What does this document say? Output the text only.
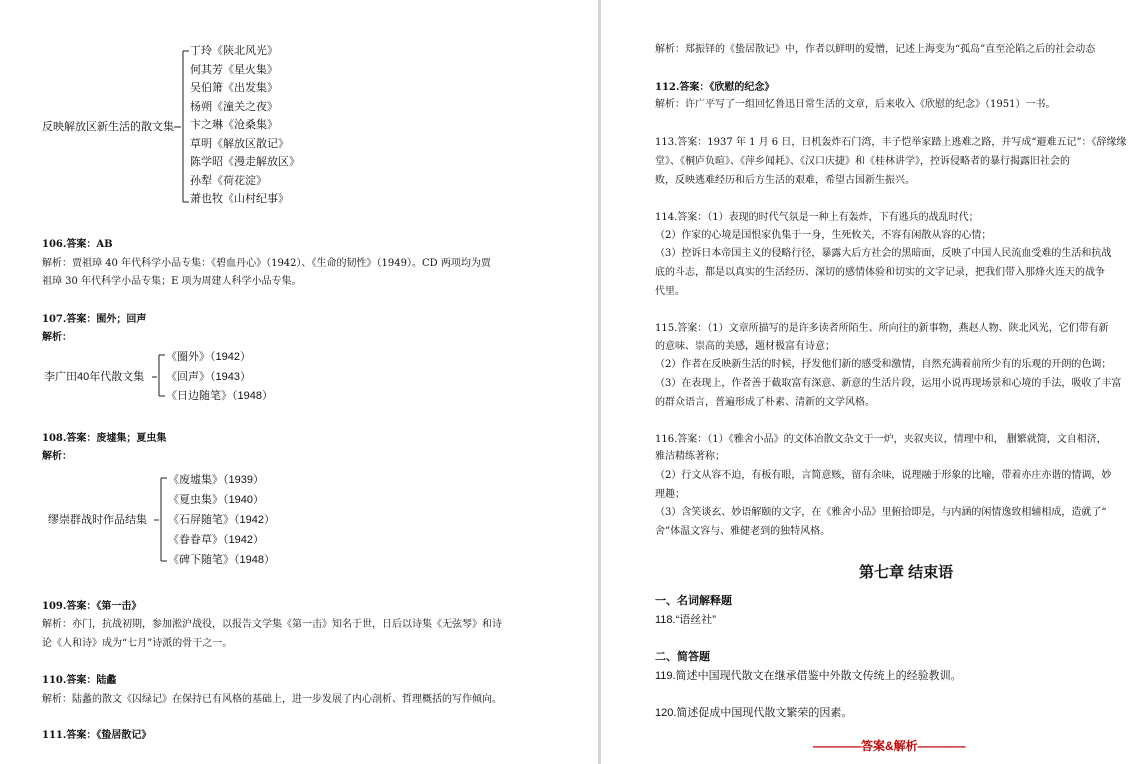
反映解放区新生活的散文集
丁玲《陕北风光》
何其芳《星火集》
吴伯箫《出发集》
杨朔《潼关之夜》
卞之琳《沧桑集》
草明《解放区散记》
陈学昭《漫走解放区》
孙犁《荷花淀》
萧也牧《山村纪事》
106.答案：AB
解析：贾祖璋 40 年代科学小品专集：《碧血丹心》（1942）、《生命的韧性》（1949）。CD 两项均为贾
祖璋 30 年代科学小品专集；E 项为周建人科学小品专集。
107.答案：囿外；回声
解析：
李广田40年代散文集
《圈外》（1942）
《回声》（1943）
《日边随笔》（1948）
108.答案：废墟集；夏虫集
解析：
缪崇群战时作品结集
《废墟集》（1939）
《夏虫集》（1940）
《石屏随笔》（1942）
《眷眷草》（1942）
《碑下随笔》（1948）
109.答案：《第一击》
解析：亦门，抗战初期，参加淞沪战役，以报告文学集《第一击》知名于世，日后以诗集《无弦琴》和诗
论《人和诗》成为“七月”诗派的骨干之一。
110.答案：陆蠡
解析：陆蠡的散文《囚绿记》在保持已有风格的基础上，进一步发展了内心剖析、哲理概括的写作倾向。
111.答案：《蛰居散记》
解析：郑振铎的《蛰居散记》中，作者以鲜明的爱憎，记述上海变为“孤岛”直至沦陷之后的社会动态
112.答案：《欣慰的纪念》
解析：许广平写了一组回忆鲁迅日常生活的文章，后来收入《欣慰的纪念》（1951）一书。
113.答案：1937 年 1 月 6 日，日机轰炸石门湾，丰子恺举家踏上逃难之路，并写成“避难五记”：《辞缘缘
堂》、《桐庐负暄》、《萍乡闻耗》、《汉口庆捷》和《桂林讲学》，控诉侵略者的暴行揭露旧社会的
败，反映逃难经历和后方生活的艰难，希望古国新生振兴。
114.答案：（1）表现的时代气氛是一种上有轰炸，下有逃兵的战乱时代；
（2）作家的心境是国恨家仇集于一身，生死攸关，不容有闲散从容的心情；
（3）控诉日本帝国主义的侵略行径，暴露大后方社会的黑暗面，反映了中国人民流血受难的生活和抗战
底的斗志，都是以真实的生活经历、深切的感情体验和切实的文字记录，把我们带入那烽火连天的战争
代里。
115.答案：（1）文章所描写的是许多读者所陌生、所向往的新事物，燕赵人物、陕北风光，它们带有新
的意味、崇高的美感，题材极富有诗意；
（2）作者在反映新生活的时候，抒发他们新的感受和激情，自然充满着前所少有的乐观的开朗的色调；
（3）在表现上，作者善于截取富有深意、新意的生活片段，运用小说再现场景和心境的手法，吸收了丰富
的群众语言，普遍形成了朴素、清新的文学风格。
116.答案：（1）《雅舍小品》的文体冶散文杂文于一炉，夹叙夹议，情理中和， 删繁就简，文自相济，
雅洁精练著称；
（2）行文从容不迫，有板有眼，言简意赅，留有余味，说理融于形象的比喻，带着亦庄亦谐的情调，妙
理趣；
（3）含笑谈玄、妙语解颐的文字，在《雅舍小品》里俯拾即是，与内涵的闲情逸致相辅相成，造就了“
舍”体温文容与、雅健老到的独特风格。
第七章 结束语
一、名词解释题
118.“语丝社”
二、简答题
119.简述中国现代散文在继承借鉴中外散文传统上的经验教训。
120.简述促成中国现代散文繁荣的因素。
————答案&解析————
